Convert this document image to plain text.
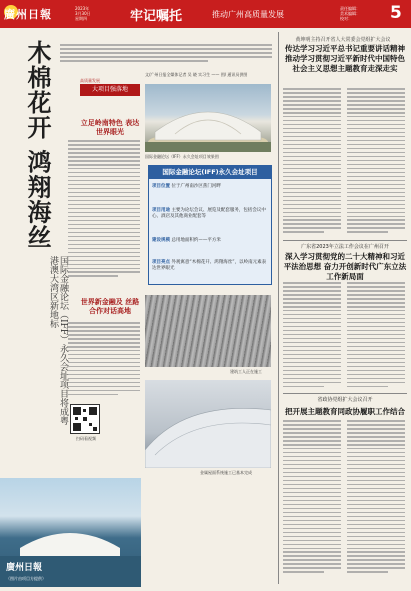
廣州日報	2023年
3月30日
星期四	牢记嘱托	推动广州高质量发展
责任编辑：
美术编辑：
校对：	5
木棉花开 鸿翔海丝
国际金融论坛（IFF）永久会址项目将成粤港澳大湾区新地标
高质量发展
大项目强落地
立足岭南特色 表达世界眼光
世界新金融及 丝路合作对话高地
扫码看视频
文/广州日报全媒体记者 吴 晓 实习生 —— 图/ 通讯员供图
国际金融论坛（IFF）永久会址项目效果图
国际金融论坛(IFF)永久会址项目
项目位置 位于广州南沙区蕉门河畔
项目用途 主要为论坛会议、展览及配套服务，包括会议中心、酒店及其他商业配套等
建设规模 总用地面积约——平方米
项目亮点 外观寓意“木棉花开、鸿翔海丝”，以岭南元素表达世界眼光
建筑工人正在施工
金属屋面系统施工已基本完成
廣州日報
（图片由项目方提供）
黄坤明主持召开省人大常委会党组扩大会议
传达学习习近平总书记重要讲话精神 推动学习贯彻习近平新时代中国特色社会主义思想主题教育走深走实
广东省2023年立法工作会议在广州召开
深入学习贯彻党的二十大精神和习近平法治思想 奋力开创新时代广东立法工作新局面
省政协党组扩大会议召开
把开展主题教育同政协履职工作结合
